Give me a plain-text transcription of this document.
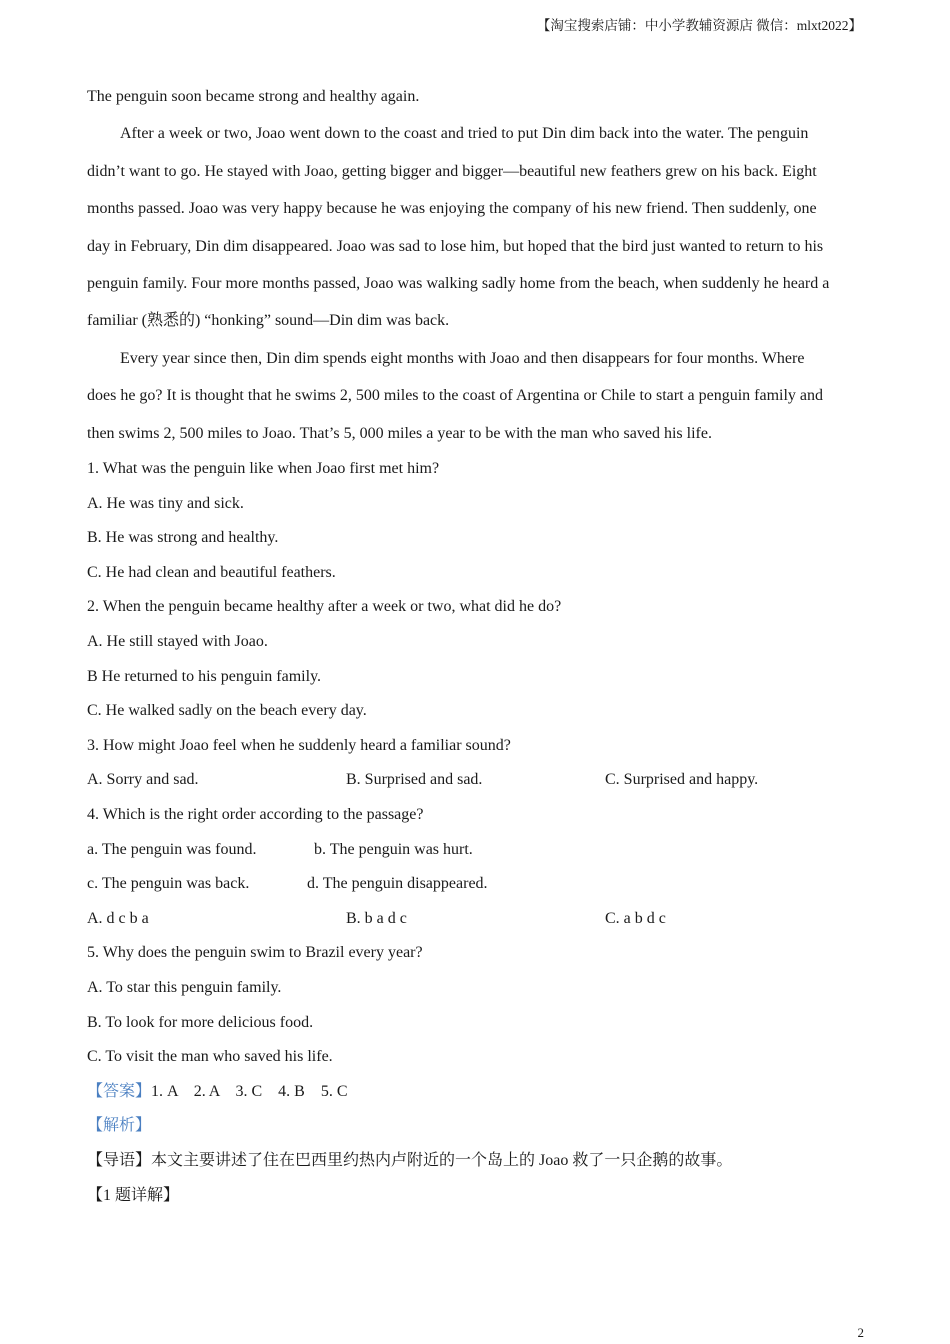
【淘宝搜索店铺：中小学教辅资源店 微信：mlxt2022】
The penguin soon became strong and healthy again.
After a week or two, Joao went down to the coast and tried to put Din dim back into the water. The penguin
didn’t want to go. He stayed with Joao, getting bigger and bigger—beautiful new feathers grew on his back. Eight
months passed. Joao was very happy because he was enjoying the company of his new friend. Then suddenly, one
day in February, Din dim disappeared. Joao was sad to lose him, but hoped that the bird just wanted to return to his
penguin family. Four more months passed, Joao was walking sadly home from the beach, when suddenly he heard a
familiar (熟悉的) “honking” sound—Din dim was back.
Every year since then, Din dim spends eight months with Joao and then disappears for four months. Where
does he go? It is thought that he swims 2, 500 miles to the coast of Argentina or Chile to start a penguin family and
then swims 2, 500 miles to Joao. That’s 5, 000 miles a year to be with the man who saved his life.
1. What was the penguin like when Joao first met him?
A. He was tiny and sick.
B. He was strong and healthy.
C. He had clean and beautiful feathers.
2. When the penguin became healthy after a week or two, what did he do?
A. He still stayed with Joao.
B He returned to his penguin family.
C. He walked sadly on the beach every day.
3. How might Joao feel when he suddenly heard a familiar sound?
A. Sorry and sad.	B. Surprised and sad.	C. Surprised and happy.
4. Which is the right order according to the passage?
a. The penguin was found.	b. The penguin was hurt.
c. The penguin was back.	d. The penguin disappeared.
A. d c b a	B. b a d c	C. a b d c
5. Why does the penguin swim to Brazil every year?
A. To star this penguin family.
B. To look for more delicious food.
C. To visit the man who saved his life.
【答案】1. A    2. A    3. C    4. B    5. C
【解析】
【导语】本文主要讲述了住在巴西里约热内卢附近的一个岛上的 Joao 救了一只企鹅的故事。
【1 题详解】
2
